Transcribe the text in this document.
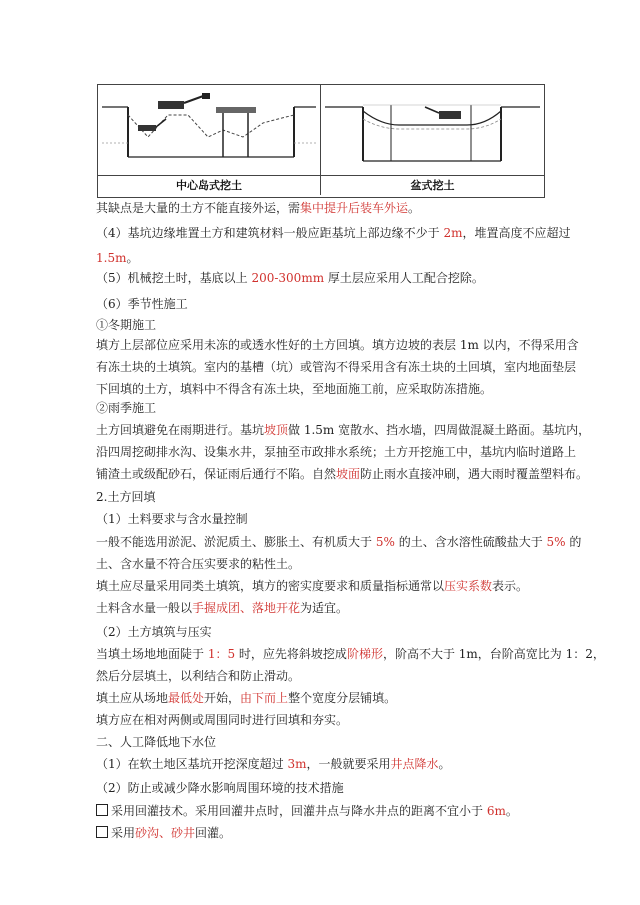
中心岛式挖土	盆式挖土
其缺点是大量的土方不能直接外运，需集中提升后装车外运。
（4）基坑边缘堆置土方和建筑材料一般应距基坑上部边缘不少于 2m，堆置高度不应超过
1.5m。
（5）机械挖土时，基底以上 200-300mm 厚土层应采用人工配合挖除。
（6）季节性施工
①冬期施工
填方上层部位应采用未冻的或透水性好的土方回填。填方边坡的表层 1m 以内，不得采用含
有冻土块的土填筑。室内的基槽（坑）或管沟不得采用含有冻土块的土回填，室内地面垫层
下回填的土方，填料中不得含有冻土块，至地面施工前，应采取防冻措施。
②雨季施工
土方回填避免在雨期进行。基坑坡顶做 1.5m 宽散水、挡水墙，四周做混凝土路面。基坑内，
沿四周挖砌排水沟、设集水井，泵抽至市政排水系统；土方开挖施工中，基坑内临时道路上
铺渣土或级配砂石，保证雨后通行不陷。自然坡面防止雨水直接冲刷，遇大雨时覆盖塑料布。
2.土方回填
（1）土料要求与含水量控制
一般不能选用淤泥、淤泥质土、膨胀土、有机质大于 5% 的土、含水溶性硫酸盐大于 5% 的
土、含水量不符合压实要求的粘性土。
填土应尽量采用同类土填筑，填方的密实度要求和质量指标通常以压实系数表示。
土料含水量一般以手握成团、落地开花为适宜。
（2）土方填筑与压实
当填土场地地面陡于 1：5 时，应先将斜坡挖成阶梯形，阶高不大于 1m，台阶高宽比为 1：2，
然后分层填土，以利结合和防止滑动。
填土应从场地最低处开始，由下而上整个宽度分层铺填。
填方应在相对两侧或周围同时进行回填和夯实。
二、人工降低地下水位
（1）在软土地区基坑开挖深度超过 3m，一般就要采用井点降水。
（2）防止或减少降水影响周围环境的技术措施
采用回灌技术。采用回灌井点时，回灌井点与降水井点的距离不宜小于 6m。
采用砂沟、砂井回灌。
